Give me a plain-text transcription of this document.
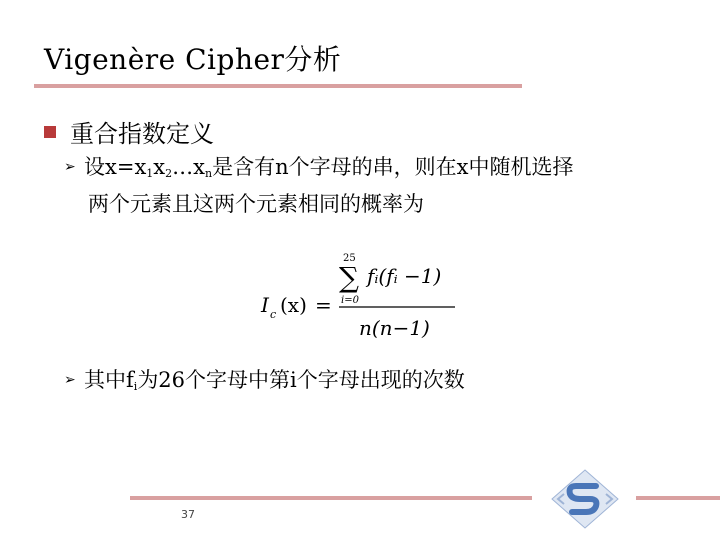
Vigenère Cipher分析
重合指数定义
➢ 设$x=x_1x_2\dots x_n$是含有n个字母的串，则在x中随机选择
两个元素且这两个元素相同的概率为
I c (x) =
25
∑
i=0
fᵢ(fᵢ −1)
n(n−1)
➢ 其中$f_i$为26个字母中第i个字母出现的次数
37
